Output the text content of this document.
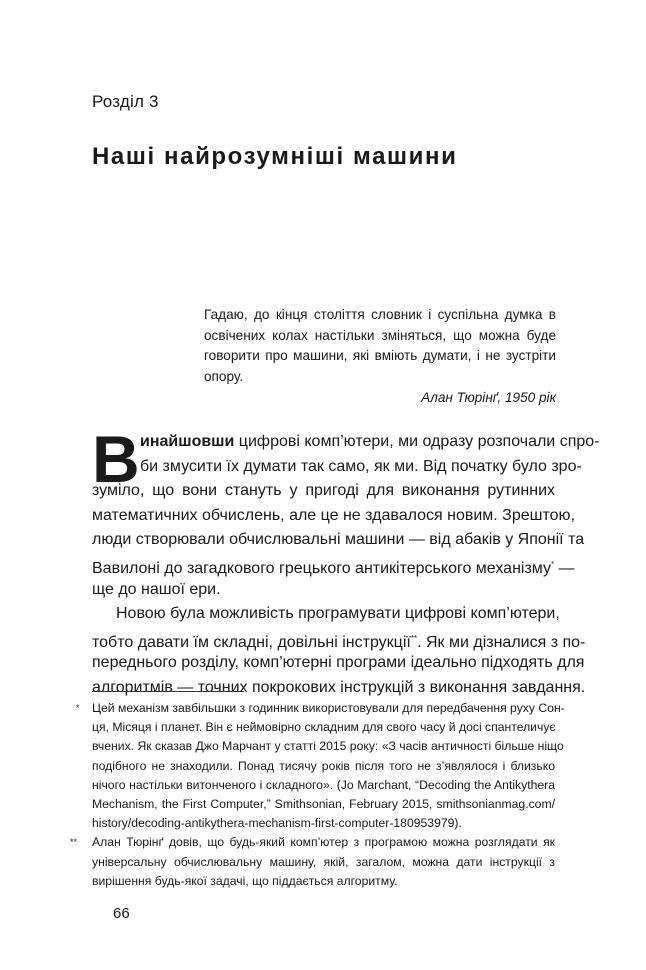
Розділ 3
Наші найрозумніші машини
Гадаю, до кінця століття словник і суспільна думка в
освічених колах настільки зміняться, що можна буде
говорити про машини, які вміють думати, і не зустріти
опору.
Алан Тюрінґ, 1950 рік
В инайшовши цифрові комп’ютери, ми одразу розпочали спро-
би змусити їх думати так само, як ми. Від початку було зро-
зуміло, що вони стануть у пригоді для виконання рутинних
математичних обчислень, але це не здавалося новим. Зрештою,
люди створювали обчислювальні машини — від абаків у Японії та
Вавилоні до загадкового грецького антикітерського механізму* —
ще до нашої ери.
Новою була можливість програмувати цифрові комп’ютери,
тобто давати їм складні, довільні інструкції**. Як ми дізналися з по-
переднього розділу, комп’ютерні програми ідеально підходять для
алгоритмів — точних покрокових інструкцій з виконання завдання.
* Цей механізм завбільшки з годинник використовували для передбачення руху Сон-
ця, Місяця і планет. Він є неймовірно складним для свого часу й досі спантеличує
вчених. Як сказав Джо Марчант у статті 2015 року: «З часів античності більше ніщо
подібного не знаходили. Понад тисячу років після того не з’являлося і близько
нічого настільки витонченого і складного». (Jo Marchant, “Decoding the Antikythera
Mechanism, the First Computer,” Smithsonian, February 2015, smithsonianmag.com/
history/decoding-antikythera-mechanism-first-computer-180953979).
** Алан Тюрінґ довів, що будь-який комп’ютер з програмою можна розглядати як
універсальну обчислювальну машину, якій, загалом, можна дати інструкції з
вирішення будь-якої задачі, що піддається алгоритму.
66
